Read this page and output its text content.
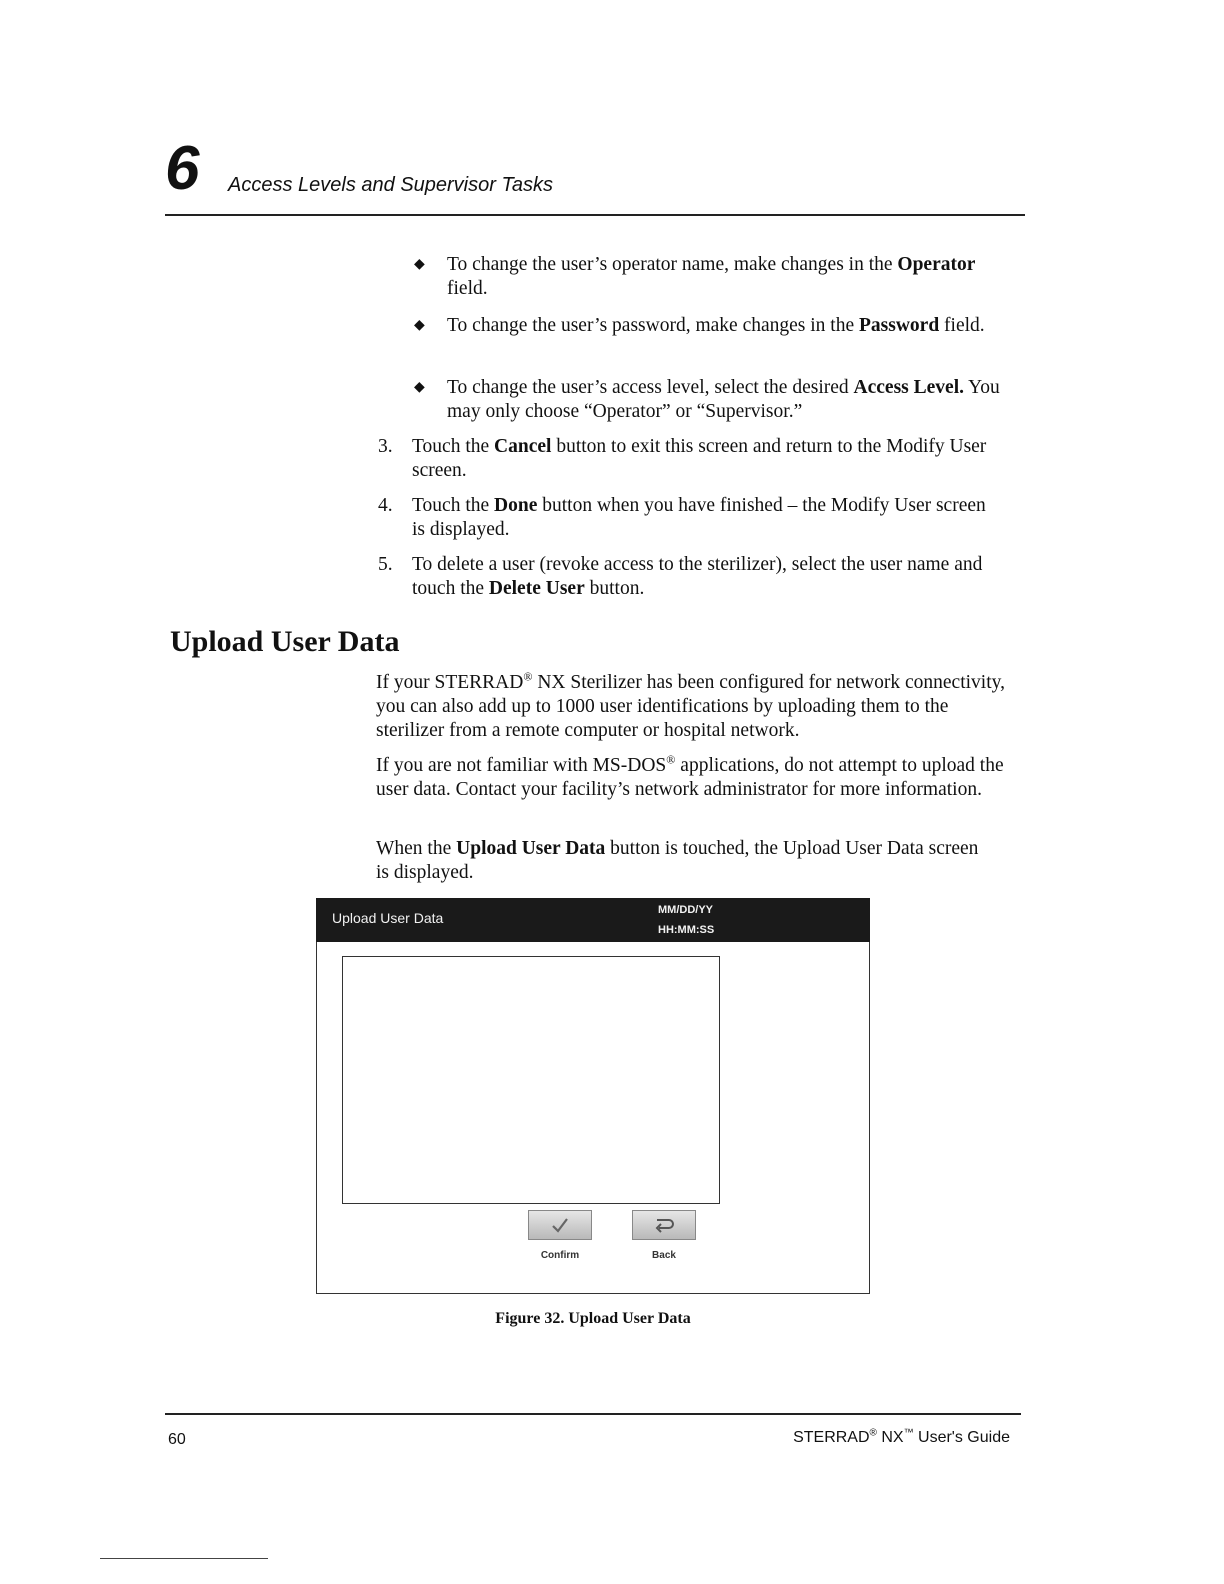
6 Access Levels and Supervisor Tasks
◆ To change the user’s operator name, make changes in the Operator field.
◆ To change the user’s password, make changes in the Password field.
◆ To change the user’s access level, select the desired Access Level. You may only choose “Operator” or “Supervisor.”
3. Touch the Cancel button to exit this screen and return to the Modify User screen.
4. Touch the Done button when you have finished – the Modify User screen is displayed.
5. To delete a user (revoke access to the sterilizer), select the user name and touch the Delete User button.
Upload User Data
If your STERRAD® NX Sterilizer has been configured for network connectivity, you can also add up to 1000 user identifications by uploading them to the sterilizer from a remote computer or hospital network.
If you are not familiar with MS-DOS® applications, do not attempt to upload the user data. Contact your facility’s network administrator for more information.
When the Upload User Data button is touched, the Upload User Data screen is displayed.
Upload User Data	MM/DD/YY
HH:MM:SS
Confirm	Back
Figure 32. Upload User Data
60	STERRAD® NX™ User's Guide
